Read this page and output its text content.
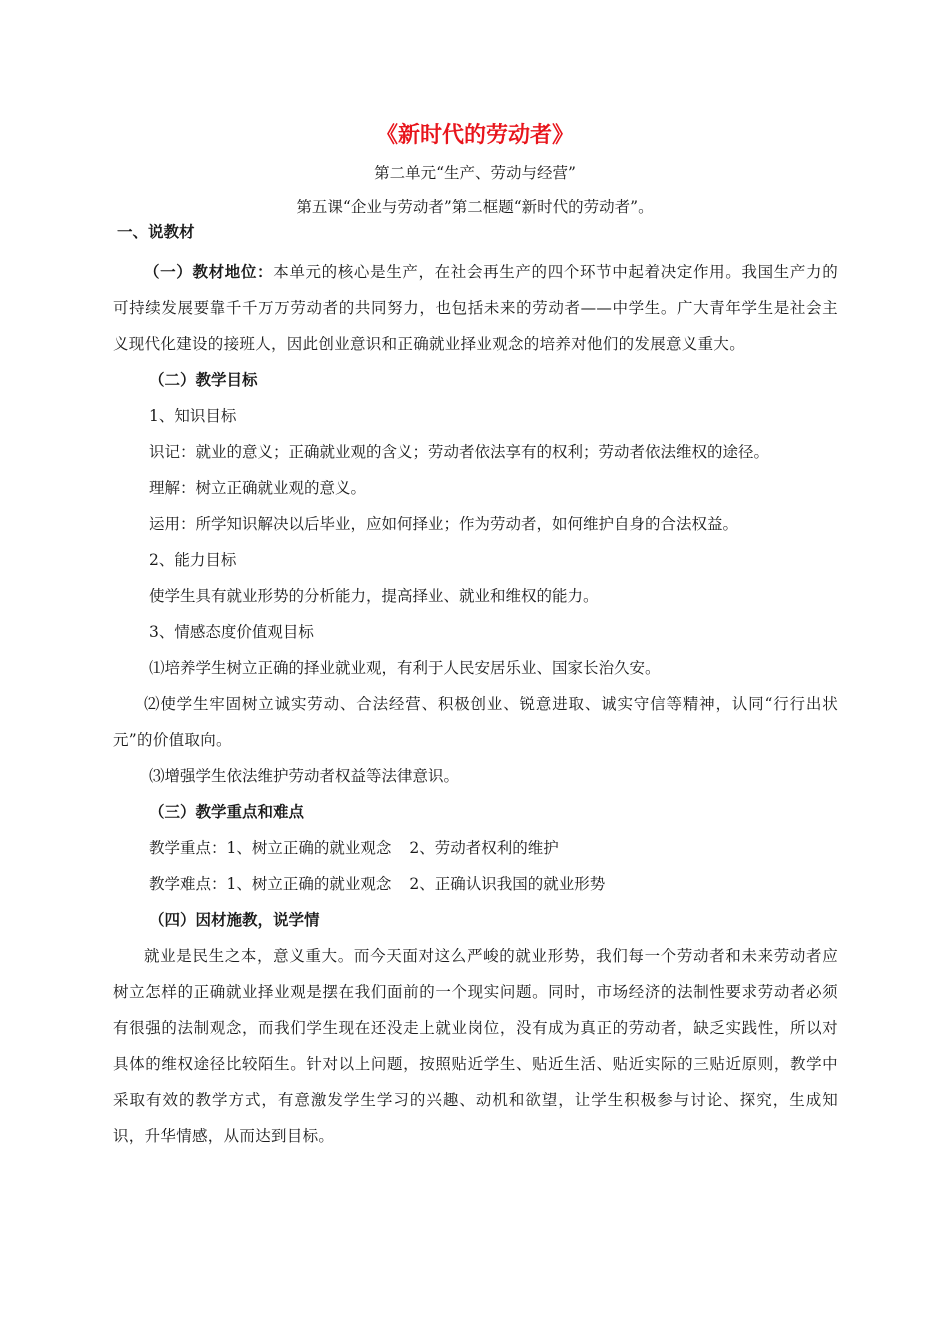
《新时代的劳动者》
第二单元“生产、劳动与经营”
第五课“企业与劳动者”第二框题“新时代的劳动者”。

一、说教材

（一）教材地位：本单元的核心是生产，在社会再生产的四个环节中起着决定作用。我国生产力的可持续发展要靠千千万万劳动者的共同努力，也包括未来的劳动者——中学生。广大青年学生是社会主义现代化建设的接班人，因此创业意识和正确就业择业观念的培养对他们的发展意义重大。

（二）教学目标

1、知识目标

识记：就业的意义；正确就业观的含义；劳动者依法享有的权利；劳动者依法维权的途径。

理解：树立正确就业观的意义。

运用：所学知识解决以后毕业，应如何择业；作为劳动者，如何维护自身的合法权益。

2、能力目标

使学生具有就业形势的分析能力，提高择业、就业和维权的能力。

3、情感态度价值观目标

⑴培养学生树立正确的择业就业观，有利于人民安居乐业、国家长治久安。

⑵使学生牢固树立诚实劳动、合法经营、积极创业、锐意进取、诚实守信等精神，认同“行行出状元”的价值取向。

⑶增强学生依法维护劳动者权益等法律意识。

（三）教学重点和难点

教学重点：1、树立正确的就业观念 2、劳动者权利的维护

教学难点：1、树立正确的就业观念 2、正确认识我国的就业形势

（四）因材施教，说学情

就业是民生之本，意义重大。而今天面对这么严峻的就业形势，我们每一个劳动者和未来劳动者应树立怎样的正确就业择业观是摆在我们面前的一个现实问题。同时，市场经济的法制性要求劳动者必须有很强的法制观念，而我们学生现在还没走上就业岗位，没有成为真正的劳动者，缺乏实践性，所以对具体的维权途径比较陌生。针对以上问题，按照贴近学生、贴近生活、贴近实际的三贴近原则，教学中采取有效的教学方式，有意激发学生学习的兴趣、动机和欲望，让学生积极参与讨论、探究，生成知识，升华情感，从而达到目标。
